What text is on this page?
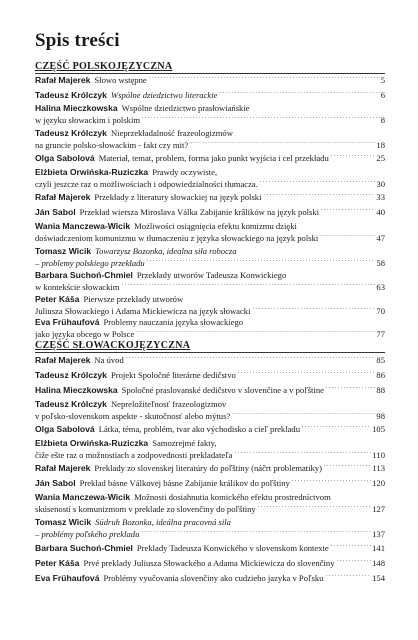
Spis treści
CZĘŚĆ POLSKOJĘZYCZNA
CZĘŚĆ SŁOWACKOJĘZYCZNA
Rafał Majerek Słowo wstępne . . .	5
Tadeusz Królczyk Wspólne dziedzictwo literackie . . .	6
Halina Mieczkowska Wspólne dziedzictwo prasłowiańskie
w języku słowackim i polskim . . .	8
Tadeusz Królczyk Nieprzekładalność frazeologizmów
na gruncie polsko-słowackim - fakt czy mit? . . .	18
Olga Sabolová Materiał, temat, problem, forma jako punkt wyjścia i cel przekładu . . .	25
Elżbieta Orwińska-Ruziczka Prawdy oczywiste,
czyli jeszcze raz o możliwościach i odpowiedzialności tłumacza. . . .	30
Rafał Majerek Przekłady z literatury słowackiej na język polski . . .	33
Ján Sabol Przekład wiersza Miroslava Válka Zabijanie krâlików na język polski . . .	40
Wania Manczewa-Wicik Możliwości osiągnięcia efektu komizmu dzięki
doświadczeniom komunizmu w tłumaczeniu z języka słowackiego na język polski . . .	47
Tomasz Wicik Towarzysz Bozonka, idealna siła robocza
– problemy polskiego przekładu . . .	58
Barbara Suchoń-Chmiel Przekłady utworów Tadeusza Konwickiego
w kontekście słowackim . . .	63
Peter Káša Pierwsze przekłady utworów
Juliusza Słowackiego i Adama Mickiewicza na język słowacki . . .	70
Eva Frühaufová Problemy nauczania języka słowackiego
jako języka obcego w Polsce . . .	77
Rafał Majerek Na úvod . . .	85
Tadeusz Królczyk Projekt Spoločné literárne dedičstvo . . .	86
Halina Mieczkowska Spoločné praslovanské dedičstvo v slovenčine a v poľštine . . .	88
Tadeusz Królczyk Nepreložiteľnosť frazeologizmov
v poľsko-slovenskom aspekte - skutočnosť alebo mýtus? . . .	98
Olga Sabolová Látka, téma, problém, tvar ako východisko a cieľ prekladu . . .	105
Elżbieta Orwińska-Ruziczka Samozrejmé fakty,
čiže ešte raz o možnostiach a zodpovednosti prekladateľa . . .	110
Rafał Majerek Preklady zo slovenskej literatúry do poľštiny (náčrt problematiky) . . .	113
Ján Sabol Preklad básne Válkovej básne Zabíjanie králikov do poľštiny . . .	120
Wania Manczewa-Wicik Možnosti dosiahnutia komického efektu prostredníctvom
skúseností s komunizmom v preklade zo slovenčiny do poľštiny . . .	127
Tomasz Wicik Súdruh Bozonka, ideálna pracovná sila
– problémy poľského prekladu . . .	137
Barbara Suchoń-Chmiel Preklady Tadeusza Konwického v slovenskom kontexte . . .	141
Peter Káša Prvé preklady Juliusza Słowackého a Adama Mickiewicza do slovenčiny . . .	148
Eva Frühaufová Problémy vyučovania slovenčiny ako cudzieho jazyka v Poľsku . . .	154
